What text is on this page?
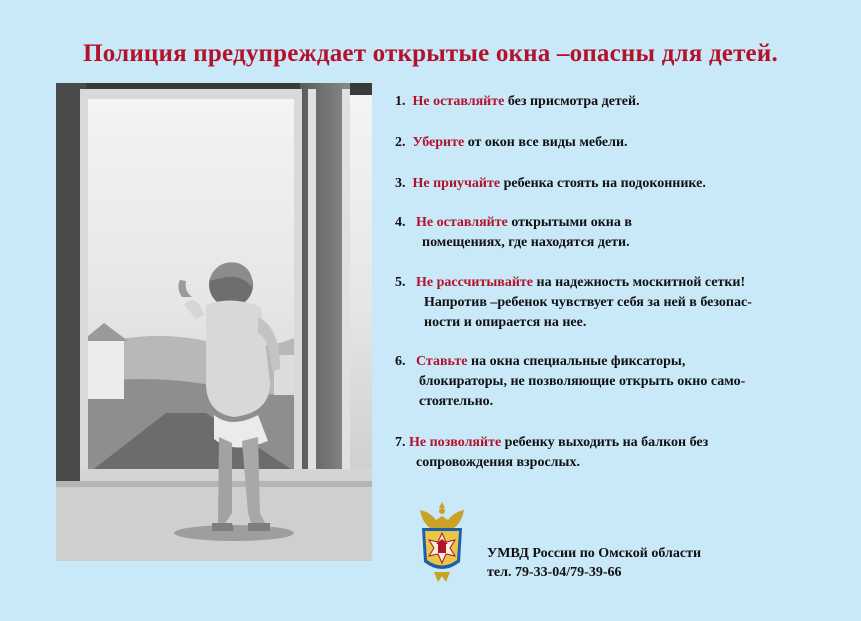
Полиция предупреждает открытые окна –опасны для детей.
1. Не оставляйте без присмотра детей.
2. Уберите от окон все виды мебели.
3. Не приучайте ребенка стоять на подоконнике.
4. Не оставляйте открытыми окна в
помещениях, где находятся дети.
5. Не рассчитывайте на надежность москитной сетки!
Напротив –ребенок чувствует себя за ней в безопас-
ности и опирается на нее.
6. Ставьте на окна специальные фиксаторы,
блокираторы, не позволяющие открыть окно само-
стоятельно.
7. Не позволяйте ребенку выходить на балкон без
сопровождения взрослых.
УМВД России по Омской области
тел. 79-33-04/79-39-66
